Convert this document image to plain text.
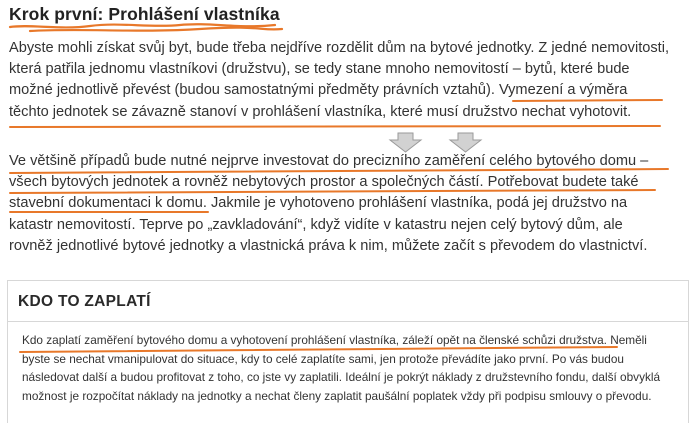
Krok první: Prohlášení vlastníka

Abyste mohli získat svůj byt, bude třeba nejdříve rozdělit dům na bytové jednotky. Z jedné nemovitosti,
která patřila jednomu vlastníkovi (družstvu), se tedy stane mnoho nemovitostí – bytů, které bude
možné jednotlivě převést (budou samostatnými předměty právních vztahů). Vymezení a výměra
těchto jednotek se závazně stanoví v prohlášení vlastníka, které musí družstvo nechat vyhotovit.

Ve většině případů bude nutné nejprve investovat do precizního zaměření celého bytového domu –
všech bytových jednotek a rovněž nebytových prostor a společných částí. Potřebovat budete také
stavební dokumentaci k domu. Jakmile je vyhotoveno prohlášení vlastníka, podá jej družstvo na
katastr nemovitostí. Teprve po „zavkladování“, když vidíte v katastru nejen celý bytový dům, ale
rovněž jednotlivé bytové jednotky a vlastnická práva k nim, můžete začít s převodem do vlastnictví.

KDO TO ZAPLATÍ

Kdo zaplatí zaměření bytového domu a vyhotovení prohlášení vlastníka, záleží opět na členské schůzi družstva. Neměli
byste se nechat vmanipulovat do situace, kdy to celé zaplatíte sami, jen protože převádíte jako první. Po vás budou
následovat další a budou profitovat z toho, co jste vy zaplatili. Ideální je pokrýt náklady z družstevního fondu, další obvyklá
možnost je rozpočítat náklady na jednotky a nechat členy zaplatit paušální poplatek vždy při podpisu smlouvy o převodu.
